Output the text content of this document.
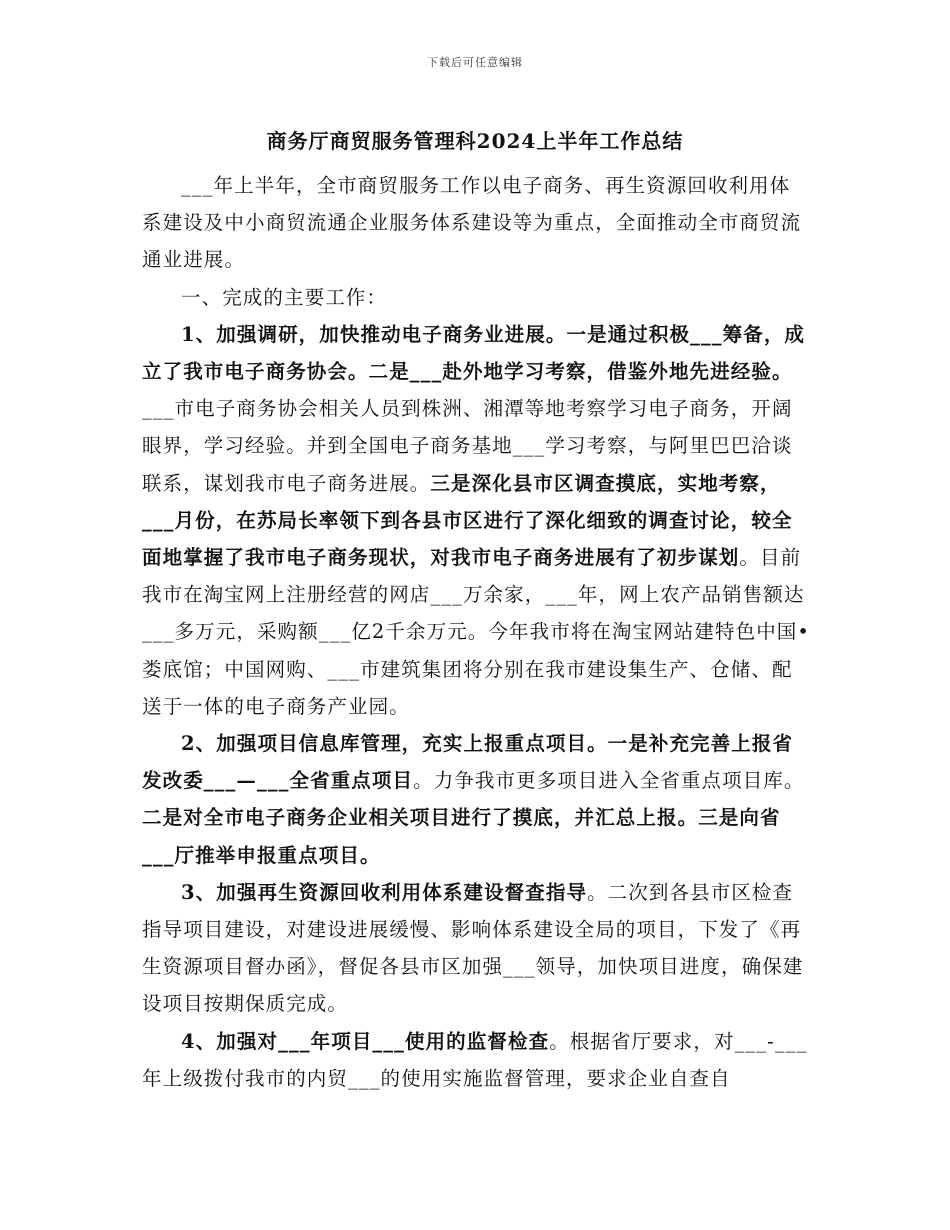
下载后可任意编辑
商务厅商贸服务管理科2024上半年工作总结

___年上半年，全市商贸服务工作以电子商务、再生资源回收利用体系建设及中小商贸流通企业服务体系建设等为重点，全面推动全市商贸流通业进展。

一、完成的主要工作：

1、加强调研，加快推动电子商务业进展。一是通过积极___筹备，成立了我市电子商务协会。二是___赴外地学习考察，借鉴外地先进经验。___市电子商务协会相关人员到株洲、湘潭等地考察学习电子商务，开阔眼界，学习经验。并到全国电子商务基地___学习考察，与阿里巴巴洽谈联系，谋划我市电子商务进展。三是深化县市区调查摸底，实地考察，___月份，在苏局长率领下到各县市区进行了深化细致的调查讨论，较全面地掌握了我市电子商务现状，对我市电子商务进展有了初步谋划。目前我市在淘宝网上注册经营的网店___万余家，___年，网上农产品销售额达___多万元，采购额___亿2千余万元。今年我市将在淘宝网站建特色中国•娄底馆；中国网购、___市建筑集团将分别在我市建设集生产、仓储、配送于一体的电子商务产业园。

2、加强项目信息库管理，充实上报重点项目。一是补充完善上报省发改委___—___全省重点项目。力争我市更多项目进入全省重点项目库。二是对全市电子商务企业相关项目进行了摸底，并汇总上报。三是向省___厅推举申报重点项目。

3、加强再生资源回收利用体系建设督查指导。二次到各县市区检查指导项目建设，对建设进展缓慢、影响体系建设全局的项目，下发了《再生资源项目督办函》，督促各县市区加强___领导，加快项目进度，确保建设项目按期保质完成。

4、加强对___年项目___使用的监督检查。根据省厅要求，对___-___年上级拨付我市的内贸___的使用实施监督管理，要求企业自查自
